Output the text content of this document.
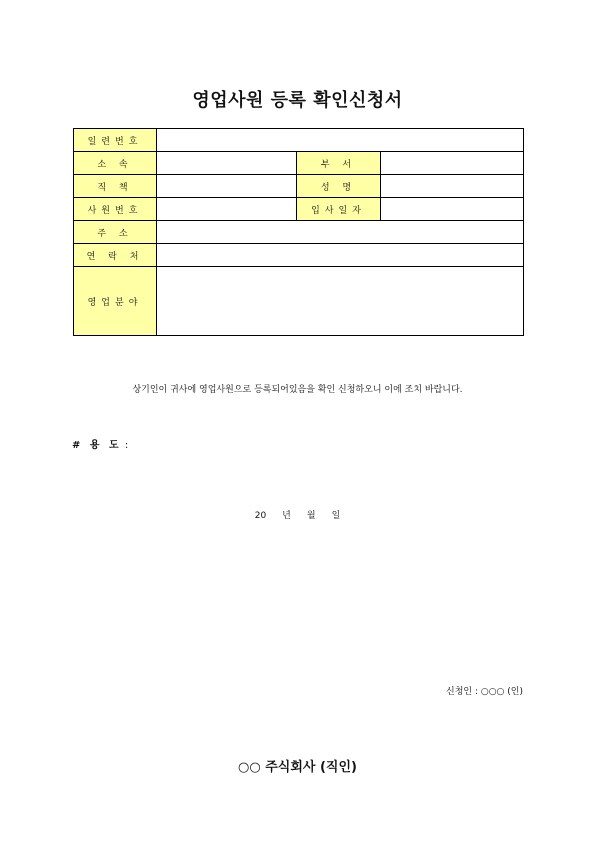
영업사원 등록 확인신청서
일련번호			
소 속		부 서	
직 책		성 명	
사원번호		입사일자	
주 소			
연 락 처			
영업분야			
상기인이 귀사에 영업사원으로 등록되어있음을 확인 신청하오니 이에 조치 바랍니다.
# 용 도 :
20 년 월 일
신청인 : ○○○ (인)
○○ 주식회사 (직인)
